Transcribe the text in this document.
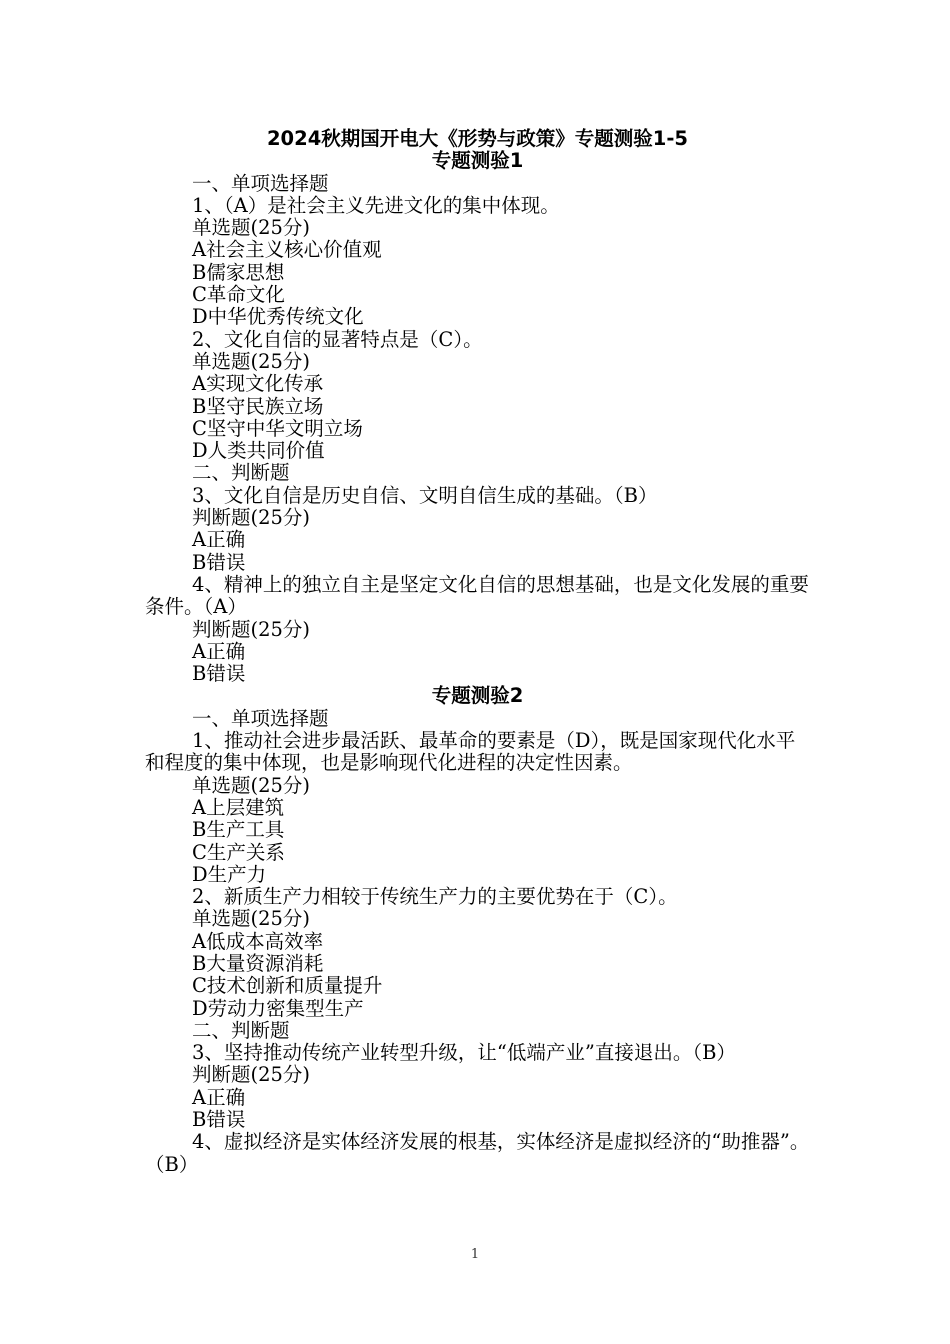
2024秋期国开电大《形势与政策》专题测验1-5
专题测验1
一、单项选择题
1、（A）是社会主义先进文化的集中体现。
单选题(25分)
A社会主义核心价值观
B儒家思想
C革命文化
D中华优秀传统文化
2、文化自信的显著特点是（C）。
单选题(25分)
A实现文化传承
B坚守民族立场
C坚守中华文明立场
D人类共同价值
二、判断题
3、文化自信是历史自信、文明自信生成的基础。（B）
判断题(25分)
A正确
B错误
4、精神上的独立自主是坚定文化自信的思想基础，也是文化发展的重要条件。（A）
判断题(25分)
A正确
B错误
专题测验2
一、单项选择题
1、推动社会进步最活跃、最革命的要素是（D），既是国家现代化水平和程度的集中体现，也是影响现代化进程的决定性因素。
单选题(25分)
A上层建筑
B生产工具
C生产关系
D生产力
2、新质生产力相较于传统生产力的主要优势在于（C）。
单选题(25分)
A低成本高效率
B大量资源消耗
C技术创新和质量提升
D劳动力密集型生产
二、判断题
3、坚持推动传统产业转型升级，让“低端产业”直接退出。（B）
判断题(25分)
A正确
B错误
4、虚拟经济是实体经济发展的根基，实体经济是虚拟经济的“助推器”。（B）
1
